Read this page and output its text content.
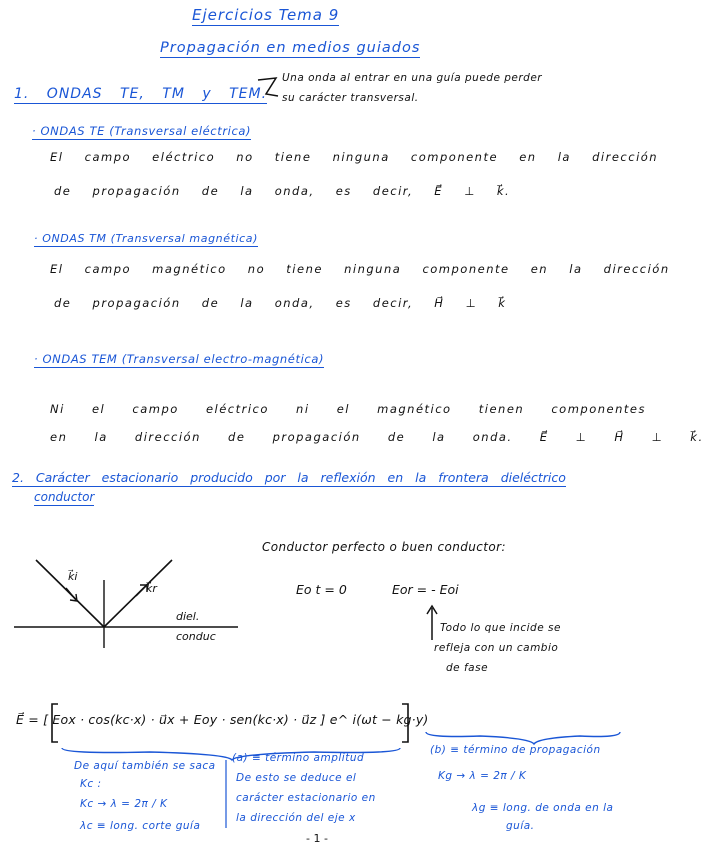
Ejercicios Tema 9
Propagación en medios guiados
1. ONDAS TE, TM y TEM.
Una onda al entrar en una guía puede perder
su carácter transversal.
· ONDAS TE (Transversal eléctrica)
El campo eléctrico no tiene ninguna componente en la dirección
de propagación de la onda, es decir, E⃗ ⊥ k⃗.
· ONDAS TM (Transversal magnética)
El campo magnético no tiene ninguna componente en la dirección
de propagación de la onda, es decir, H⃗ ⊥ k⃗
· ONDAS TEM (Transversal electro-magnética)
Ni el campo eléctrico ni el magnético tienen componentes
en la dirección de propagación de la onda. E⃗ ⊥ H⃗ ⊥ k⃗.
2. Carácter estacionario producido por la reflexión en la frontera dieléctrico
conductor
k⃗i
k⃗r
diel.
conduc
Conductor perfecto o buen conductor:
Eo t = 0	Eor = - Eoi
Todo lo que incide se
refleja con un cambio
de fase
E⃗ = [ Eox · cos(kc·x) · u⃗x + Eoy · sen(kc·x) · u⃗z ] e^ i(ωt − kg·y)
De aquí también se saca
Kc :
Kc → λ = 2π / K
λc ≡ long. corte guía
(a) ≡ término amplitud
De esto se deduce el
carácter estacionario en
la dirección del eje x
(b) ≡ término de propagación
Kg → λ = 2π / K
λg ≡ long. de onda en la
guía.
- 1 -
